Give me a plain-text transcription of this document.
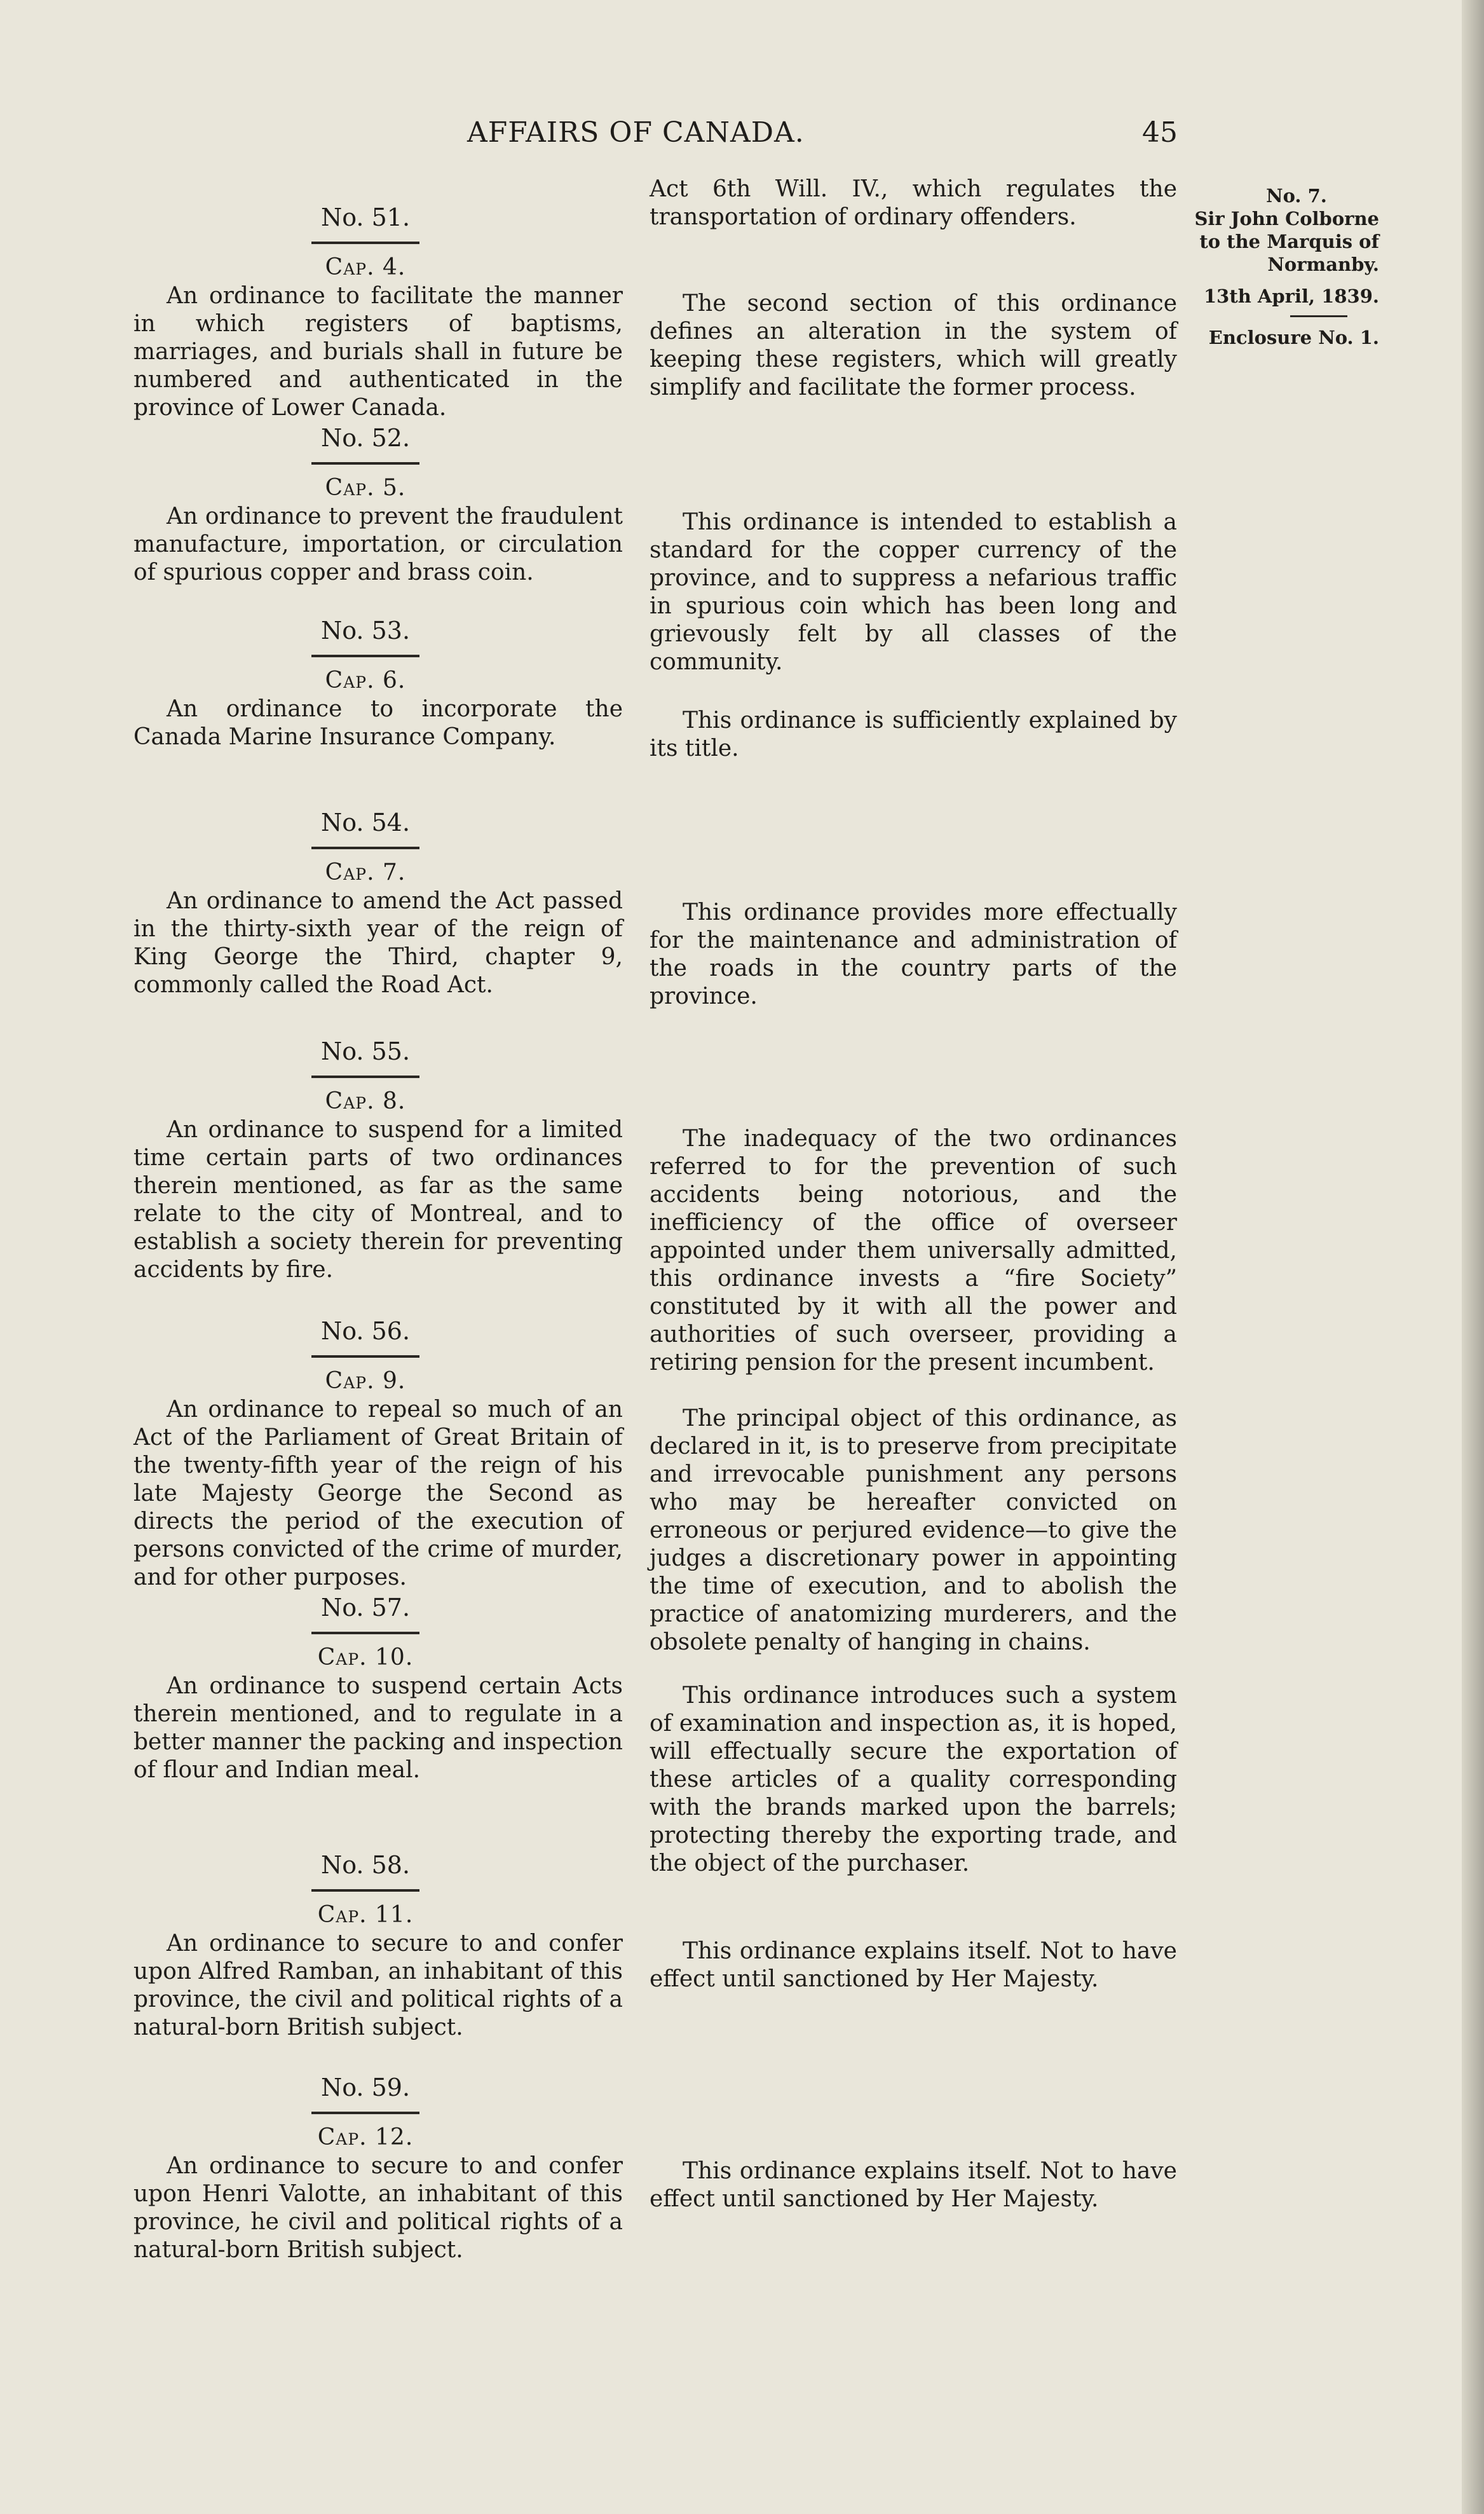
AFFAIRS OF CANADA.	45
No. 51.
Cap. 4.
An ordinance to facilitate the manner in which registers of baptisms, marriages, and burials shall in future be numbered and authenticated in the province of Lower Canada.
No. 52.
Cap. 5.
An ordinance to prevent the fraudulent manufacture, importation, or circulation of spurious copper and brass coin.
No. 53.
Cap. 6.
An ordinance to incorporate the Canada Marine Insurance Company.
No. 54.
Cap. 7.
An ordinance to amend the Act passed in the thirty-sixth year of the reign of King George the Third, chapter 9, commonly called the Road Act.
No. 55.
Cap. 8.
An ordinance to suspend for a limited time certain parts of two ordinances therein mentioned, as far as the same relate to the city of Montreal, and to establish a society therein for preventing accidents by fire.
No. 56.
Cap. 9.
An ordinance to repeal so much of an Act of the Parliament of Great Britain of the twenty-fifth year of the reign of his late Majesty George the Second as directs the period of the execution of persons convicted of the crime of murder, and for other purposes.
No. 57.
Cap. 10.
An ordinance to suspend certain Acts therein mentioned, and to regulate in a better manner the packing and inspection of flour and Indian meal.
No. 58.
Cap. 11.
An ordinance to secure to and confer upon Alfred Ramban, an inhabitant of this province, the civil and political rights of a natural-born British subject.
No. 59.
Cap. 12.
An ordinance to secure to and confer upon Henri Valotte, an inhabitant of this province, he civil and political rights of a natural-born British subject.
Act 6th Will. IV., which regulates the transportation of ordinary offenders.
The second section of this ordinance defines an alteration in the system of keeping these registers, which will greatly simplify and facilitate the former process.
This ordinance is intended to establish a standard for the copper currency of the province, and to suppress a nefarious traffic in spurious coin which has been long and grievously felt by all classes of the community.
This ordinance is sufficiently explained by its title.
This ordinance provides more effectually for the maintenance and administration of the roads in the country parts of the province.
The inadequacy of the two ordinances referred to for the prevention of such accidents being notorious, and the inefficiency of the office of overseer appointed under them universally admitted, this ordinance invests a “fire Society” constituted by it with all the power and authorities of such overseer, providing a retiring pension for the present incumbent.
The principal object of this ordinance, as declared in it, is to preserve from precipitate and irrevocable punishment any persons who may be hereafter convicted on erroneous or perjured evidence—to give the judges a discretionary power in appointing the time of execution, and to abolish the practice of anatomizing murderers, and the obsolete penalty of hanging in chains.
This ordinance introduces such a system of examination and inspection as, it is hoped, will effectually secure the exportation of these articles of a quality corresponding with the brands marked upon the barrels; protecting thereby the exporting trade, and the object of the purchaser.
This ordinance explains itself. Not to have effect until sanctioned by Her Majesty.
This ordinance explains itself. Not to have effect until sanctioned by Her Majesty.
No. 7.
Sir John Colborne
to the Marquis of
Normanby.
13th April, 1839.
Enclosure No. 1.
